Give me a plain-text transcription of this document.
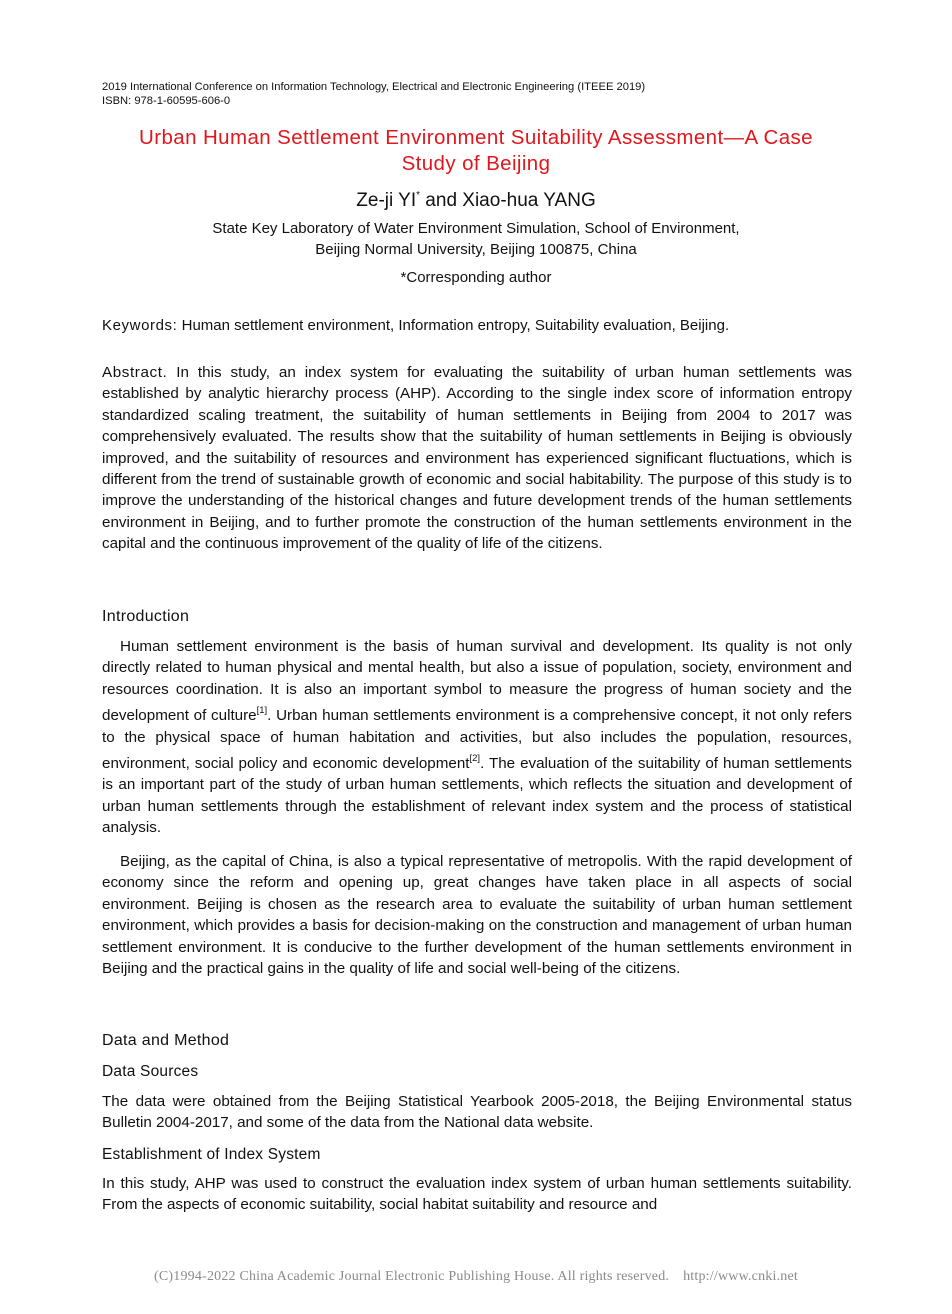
2019 International Conference on Information Technology, Electrical and Electronic Engineering (ITEEE 2019)
ISBN: 978-1-60595-606-0
Urban Human Settlement Environment Suitability Assessment—A Case
Study of Beijing
Ze-ji YI* and Xiao-hua YANG
State Key Laboratory of Water Environment Simulation, School of Environment,
Beijing Normal University, Beijing 100875, China
*Corresponding author
Keywords: Human settlement environment, Information entropy, Suitability evaluation, Beijing.
Abstract. In this study, an index system for evaluating the suitability of urban human settlements was established by analytic hierarchy process (AHP). According to the single index score of information entropy standardized scaling treatment, the suitability of human settlements in Beijing from 2004 to 2017 was comprehensively evaluated. The results show that the suitability of human settlements in Beijing is obviously improved, and the suitability of resources and environment has experienced significant fluctuations, which is different from the trend of sustainable growth of economic and social habitability. The purpose of this study is to improve the understanding of the historical changes and future development trends of the human settlements environment in Beijing, and to further promote the construction of the human settlements environment in the capital and the continuous improvement of the quality of life of the citizens.
Introduction
Human settlement environment is the basis of human survival and development. Its quality is not only directly related to human physical and mental health, but also a issue of population, society, environment and resources coordination. It is also an important symbol to measure the progress of human society and the development of culture[1]. Urban human settlements environment is a comprehensive concept, it not only refers to the physical space of human habitation and activities, but also includes the population, resources, environment, social policy and economic development[2]. The evaluation of the suitability of human settlements is an important part of the study of urban human settlements, which reflects the situation and development of urban human settlements through the establishment of relevant index system and the process of statistical analysis.
Beijing, as the capital of China, is also a typical representative of metropolis. With the rapid development of economy since the reform and opening up, great changes have taken place in all aspects of social environment. Beijing is chosen as the research area to evaluate the suitability of urban human settlement environment, which provides a basis for decision-making on the construction and management of urban human settlement environment. It is conducive to the further development of the human settlements environment in Beijing and the practical gains in the quality of life and social well-being of the citizens.
Data and Method
Data Sources
The data were obtained from the Beijing Statistical Yearbook 2005-2018, the Beijing Environmental status Bulletin 2004-2017, and some of the data from the National data website.
Establishment of Index System
In this study, AHP was used to construct the evaluation index system of urban human settlements suitability. From the aspects of economic suitability, social habitat suitability and resource and
(C)1994-2022 China Academic Journal Electronic Publishing House. All rights reserved. http://www.cnki.net
